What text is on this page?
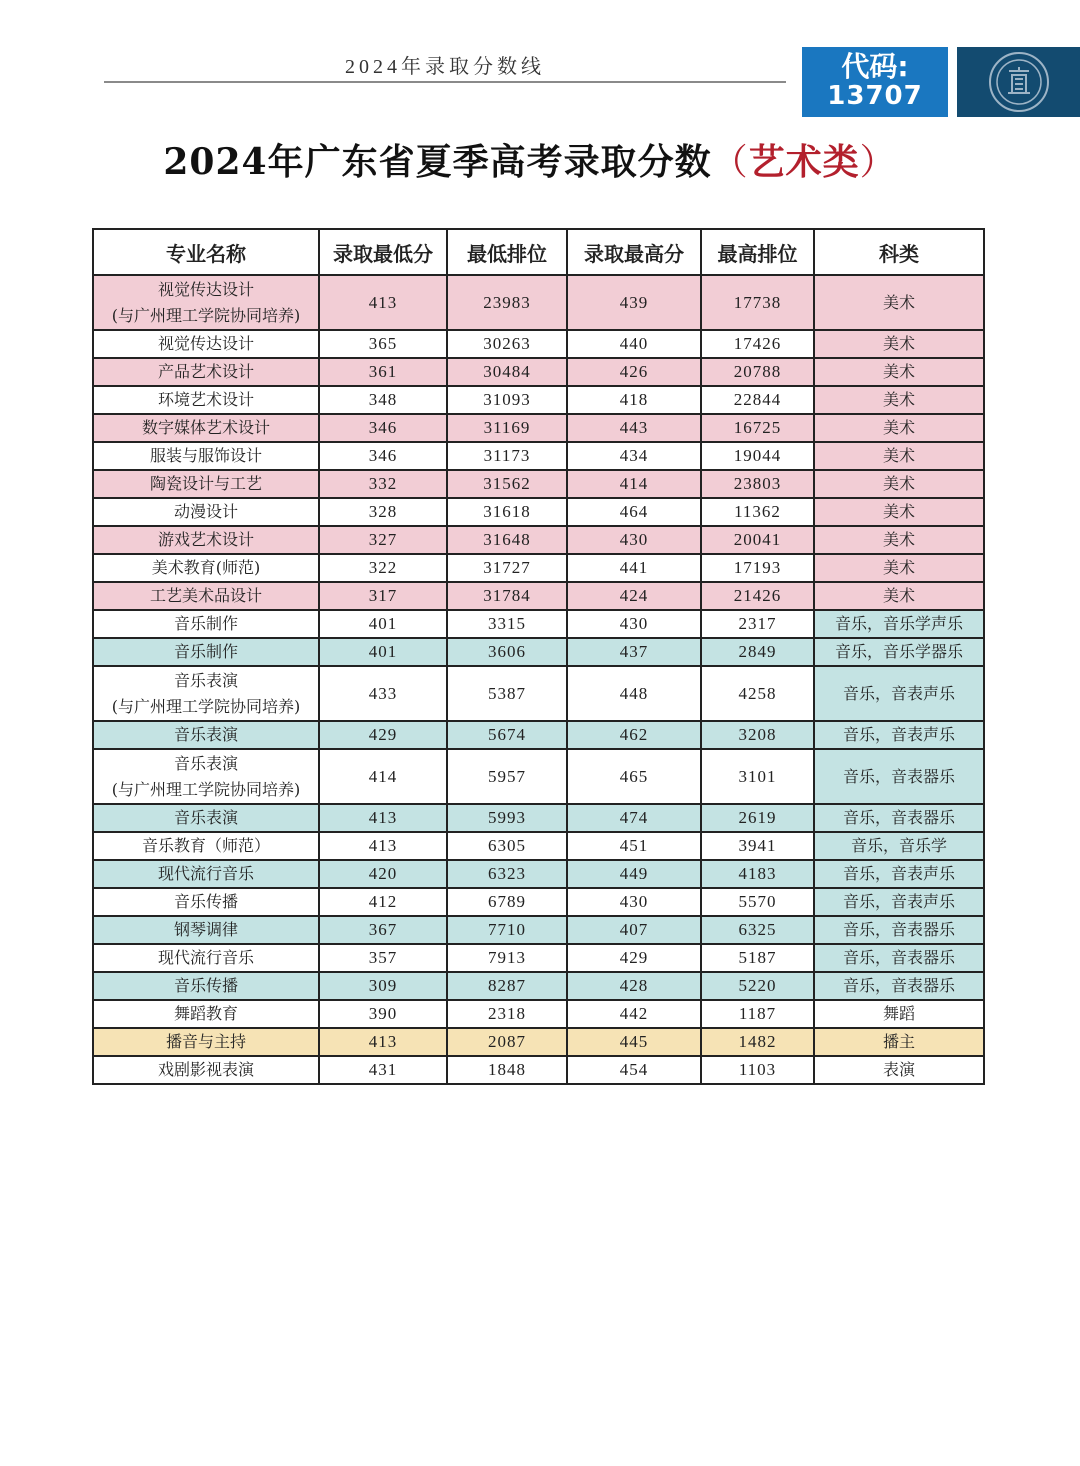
2024年录取分数线	代码:
13707
2024年广东省夏季高考录取分数（艺术类）
专业名称	录取最低分	最低排位	录取最高分	最高排位	科类

视觉传达设计
(与广州理工学院协同培养)	413	23983	439	17738	美术

视觉传达设计	365	30263	440	17426	美术

产品艺术设计	361	30484	426	20788	美术

环境艺术设计	348	31093	418	22844	美术

数字媒体艺术设计	346	31169	443	16725	美术

服装与服饰设计	346	31173	434	19044	美术

陶瓷设计与工艺	332	31562	414	23803	美术

动漫设计	328	31618	464	11362	美术

游戏艺术设计	327	31648	430	20041	美术

美术教育(师范)	322	31727	441	17193	美术

工艺美术品设计	317	31784	424	21426	美术

音乐制作	401	3315	430	2317	音乐，音乐学声乐

音乐制作	401	3606	437	2849	音乐，音乐学器乐

音乐表演
(与广州理工学院协同培养)	433	5387	448	4258	音乐，音表声乐

音乐表演	429	5674	462	3208	音乐，音表声乐

音乐表演
(与广州理工学院协同培养)	414	5957	465	3101	音乐，音表器乐

音乐表演	413	5993	474	2619	音乐，音表器乐

音乐教育（师范）	413	6305	451	3941	音乐，音乐学

现代流行音乐	420	6323	449	4183	音乐，音表声乐

音乐传播	412	6789	430	5570	音乐，音表声乐

钢琴调律	367	7710	407	6325	音乐，音表器乐

现代流行音乐	357	7913	429	5187	音乐，音表器乐

音乐传播	309	8287	428	5220	音乐，音表器乐

舞蹈教育	390	2318	442	1187	舞蹈

播音与主持	413	2087	445	1482	播主

戏剧影视表演	431	1848	454	1103	表演
